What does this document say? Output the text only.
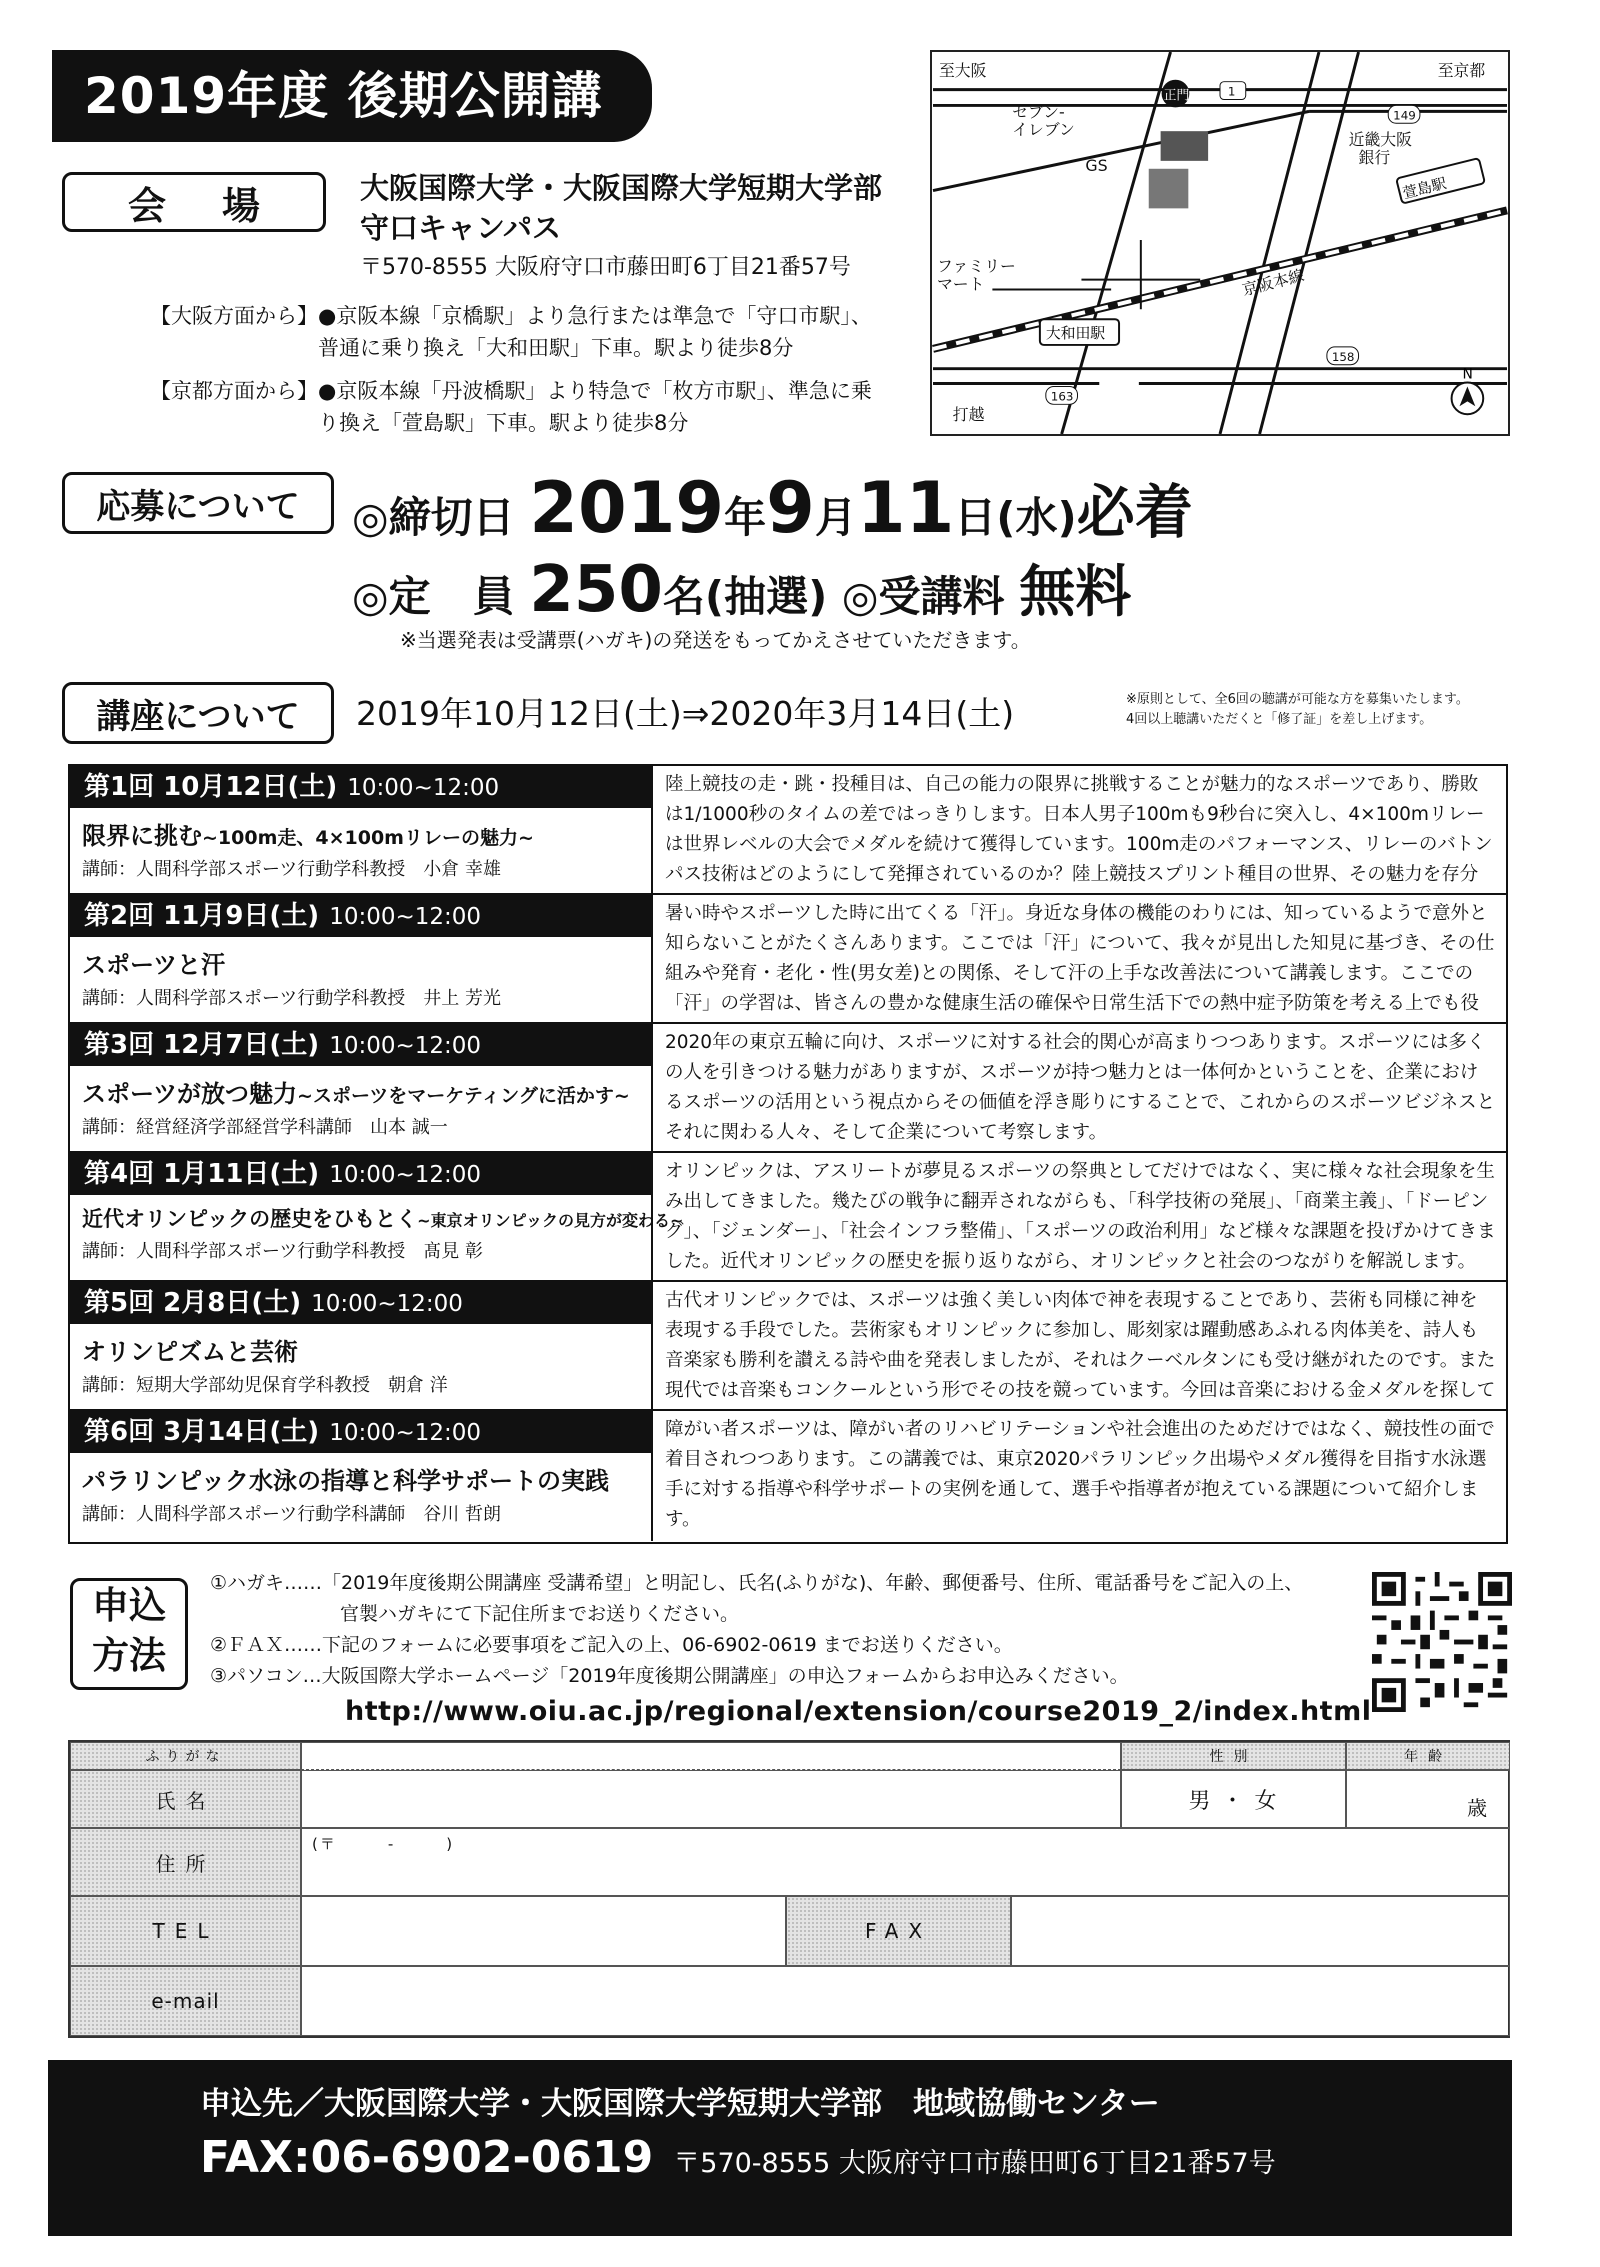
2019年度 後期公開講
会場	大阪国際大学・大阪国際大学短期大学部
守口キャンパス
〒570-8555 大阪府守口市藤田町6丁目21番57号
【大阪方面から】 ●京阪本線「京橋駅」より急行または準急で「守口市駅」、普通に乗り換え「大和田駅」下車。駅より徒歩8分
【京都方面から】 ●京阪本線「丹波橋駅」より特急で「枚方市駅」、準急に乗り換え「萱島駅」下車。駅より徒歩8分
至大阪	至京都
セブン-
イレブン
GS
近畿大阪
銀行
ファミリー
マート	京阪本線
打越
正門	1
149
158
163
萱島駅
大和田駅
N
応募について	◎締切日 2019年9月11日(水)必着
◎定　員 250名(抽選) ◎受講料 無料
※当選発表は受講票(ハガキ)の発送をもってかえさせていただきます。
講座について	2019年10月12日(土)⇒2020年3月14日(土)	※原則として、全6回の聴講が可能な方を募集いたします。
4回以上聴講いただくと「修了証」を差し上げます。
第1回 10月12日(土) 10:00~12:00
限界に挑む~100m走、4×100mリレーの魅力~
講師：人間科学部スポーツ行動学科教授　小倉 幸雄
陸上競技の走・跳・投種目は、自己の能力の限界に挑戦することが魅力的なスポーツであり、勝敗は1/1000秒のタイムの差ではっきりします。日本人男子100mも9秒台に突入し、4×100mリレーは世界レベルの大会でメダルを続けて獲得しています。100m走のパフォーマンス、リレーのバトンパス技術はどのようにして発揮されているのか？陸上競技スプリント種目の世界、その魅力を存分
第2回 11月9日(土) 10:00~12:00
スポーツと汗
講師：人間科学部スポーツ行動学科教授　井上 芳光
暑い時やスポーツした時に出てくる「汗」。身近な身体の機能のわりには、知っているようで意外と知らないことがたくさんあります。ここでは「汗」について、我々が見出した知見に基づき、その仕組みや発育・老化・性(男女差)との関係、そして汗の上手な改善法について講義します。ここでの「汗」の学習は、皆さんの豊かな健康生活の確保や日常生活下での熱中症予防策を考える上でも役
第3回 12月7日(土) 10:00~12:00
スポーツが放つ魅力~スポーツをマーケティングに活かす~
講師：経営経済学部経営学科講師　山本 誠一
2020年の東京五輪に向け、スポーツに対する社会的関心が高まりつつあります。スポーツには多くの人を引きつける魅力がありますが、スポーツが持つ魅力とは一体何かということを、企業におけるスポーツの活用という視点からその価値を浮き彫りにすることで、これからのスポーツビジネスとそれに関わる人々、そして企業について考察します。
第4回 1月11日(土) 10:00~12:00
近代オリンピックの歴史をひもとく~東京オリンピックの見方が変わる~
講師：人間科学部スポーツ行動学科教授　髙見 彰
オリンピックは、アスリートが夢見るスポーツの祭典としてだけではなく、実に様々な社会現象を生み出してきました。幾たびの戦争に翻弄されながらも、「科学技術の発展」、「商業主義」、「ドーピング」、「ジェンダー」、「社会インフラ整備」、「スポーツの政治利用」など様々な課題を投げかけてきました。近代オリンピックの歴史を振り返りながら、オリンピックと社会のつながりを解説します。
第5回 2月8日(土) 10:00~12:00
オリンピズムと芸術
講師：短期大学部幼児保育学科教授　朝倉 洋
古代オリンピックでは、スポーツは強く美しい肉体で神を表現することであり、芸術も同様に神を表現する手段でした。芸術家もオリンピックに参加し、彫刻家は躍動感あふれる肉体美を、詩人も音楽家も勝利を讃える詩や曲を発表しましたが、それはクーベルタンにも受け継がれたのです。また現代では音楽もコンクールという形でその技を競っています。今回は音楽における金メダルを探して
第6回 3月14日(土) 10:00~12:00
パラリンピック水泳の指導と科学サポートの実践
講師：人間科学部スポーツ行動学科講師　谷川 哲朗
障がい者スポーツは、障がい者のリハビリテーションや社会進出のためだけではなく、競技性の面で着目されつつあります。この講義では、東京2020パラリンピック出場やメダル獲得を目指す水泳選手に対する指導や科学サポートの実例を通して、選手や指導者が抱えている課題について紹介します。
申込
方法
①ハガキ……「2019年度後期公開講座 受講希望」と明記し、氏名(ふりがな)、年齢、郵便番号、住所、電話番号をご記入の上、
官製ハガキにて下記住所までお送りください。
②ＦＡＸ……下記のフォームに必要事項をご記入の上、06-6902-0619 までお送りください。
③パソコン…大阪国際大学ホームページ「2019年度後期公開講座」の申込フォームからお申込みください。
http://www.oiu.ac.jp/regional/extension/course2019_2/index.html
ふりがな
氏名
性別
男 ・ 女
年齢
歳
住所
(〒　　　-　　　)
TEL	FAX
e-mail
申込先／大阪国際大学・大阪国際大学短期大学部　地域協働センター
FAX:06-6902-0619 〒570-8555 大阪府守口市藤田町6丁目21番57号
